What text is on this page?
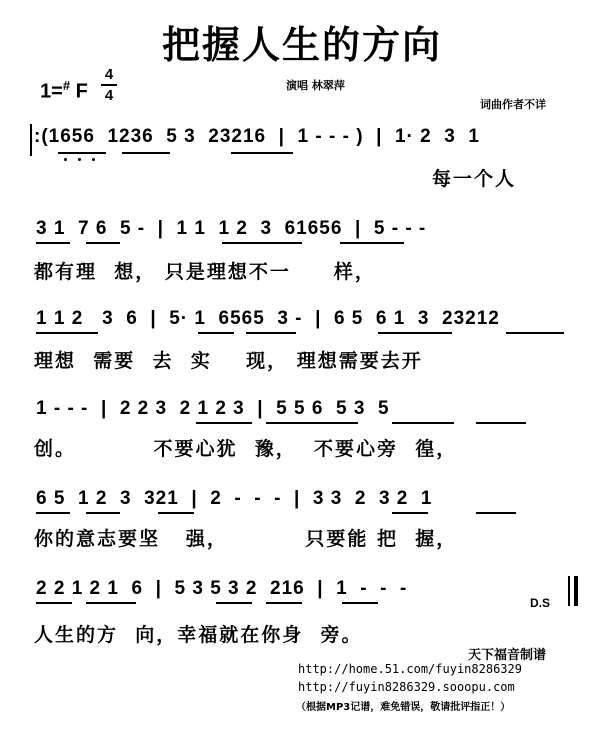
把握人生的方向
1=# F
4
4
演唱 林翠萍
词曲作者不详
:(1656  1236  5 3  23216  |  1 - - - )  |  1· 2  3  1
每一个人
3 1  7 6  5 -  |  1 1  1 2  3  61656  |  5 - - -
都有理  想， 只是理想不一     样，
1 1 2   3  6  |  5· 1  6565  3 -  |  6 5  6 1  3  23212
理想  需要  去  实    现， 理想需要去开
1 - - -  |  2 2 3  2 1 2 3  |  5 5 6  5 3  5
创。         不要心犹  豫，  不要心旁  徨，
6 5  1 2  3  321  |  2  -  -  -  |  3 3  2  3 2  1
你的意志要坚   强，         只要能 把  握，
2 2 1 2 1  6  |  5 3 5 3 2  216  |  1  -  -  -
D.S
人生的方  向，幸福就在你身  旁。
天下福音制谱
http://home.51.com/fuyin8286329
http://fuyin8286329.sooopu.com
（根据MP3记谱，难免错误，敬请批评指正！）
